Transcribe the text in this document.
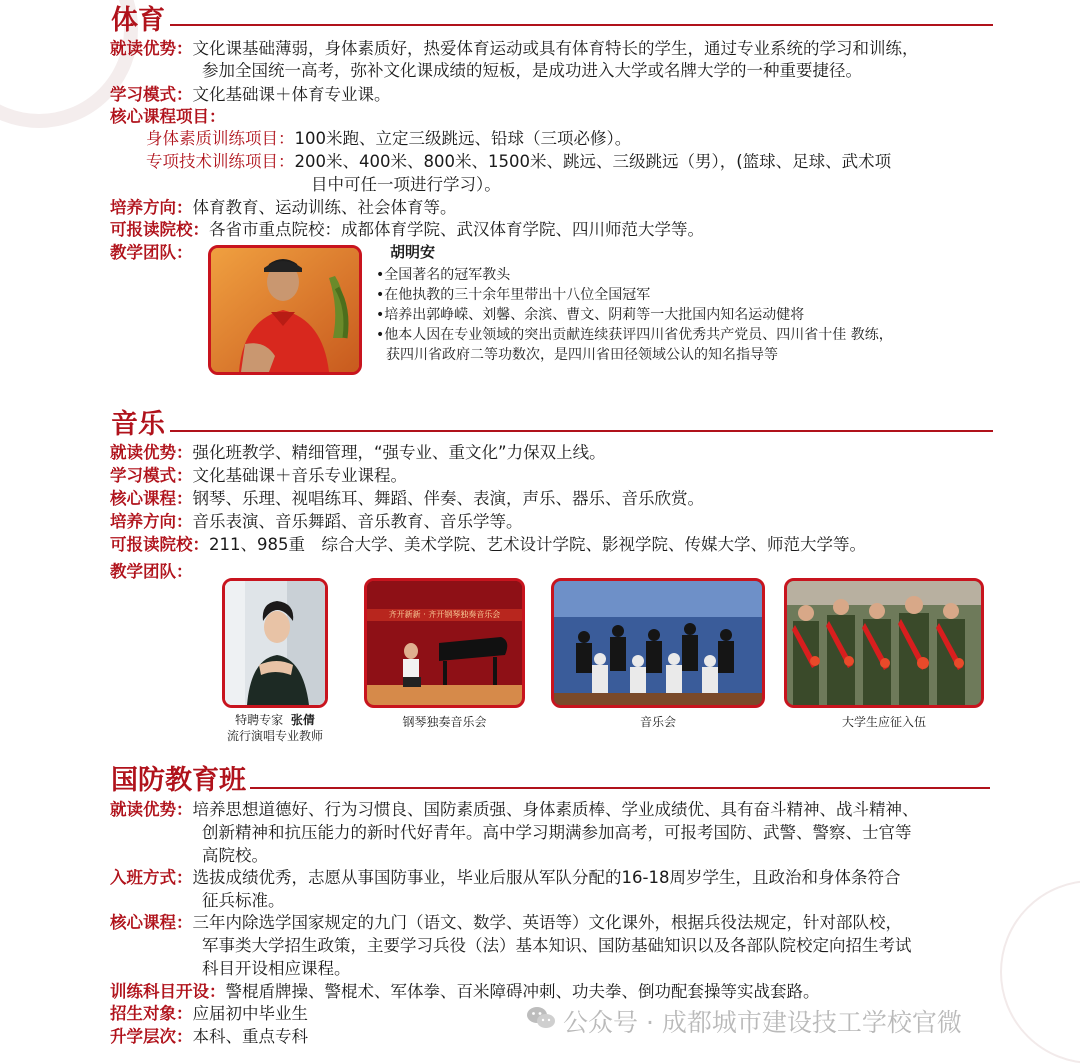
体育
就读优势：文化课基础薄弱，身体素质好，热爱体育运动或具有体育特长的学生，通过专业系统的学习和训练，
参加全国统一高考，弥补文化课成绩的短板，是成功进入大学或名牌大学的一种重要捷径。
学习模式：文化基础课＋体育专业课。
核心课程项目：
身体素质训练项目：100米跑、立定三级跳远、铅球（三项必修）。
专项技术训练项目：200米、400米、800米、1500米、跳远、三级跳远（男），(篮球、足球、武术项
目中可任一项进行学习）。
培养方向：体育教育、运动训练、社会体育等。
可报读院校：各省市重点院校：成都体育学院、武汉体育学院、四川师范大学等。
教学团队：	胡明安
•全国著名的冠军教头
•在他执教的三十余年里带出十八位全国冠军
•培养出郭峥嵘、刘馨、余滨、曹文、阴莉等一大批国内知名运动健将
•他本人因在专业领域的突出贡献连续获评四川省优秀共产党员、四川省十佳 教练，
获四川省政府二等功数次，是四川省田径领域公认的知名指导等
音乐
就读优势：强化班教学、精细管理，“强专业、重文化”力保双上线。
学习模式：文化基础课＋音乐专业课程。
核心课程：钢琴、乐理、视唱练耳、舞蹈、伴奏、表演，声乐、器乐、音乐欣赏。
培养方向：音乐表演、音乐舞蹈、音乐教育、音乐学等。
可报读院校：211、985重　综合大学、美术学院、艺术设计学院、影视学院、传媒大学、师范大学等。
教学团队：
齐开新新 · 齐开钢琴独奏音乐会
特聘专家 张倩
流行演唱专业教师
钢琴独奏音乐会	音乐会	大学生应征入伍
国防教育班
就读优势：培养思想道德好、行为习惯良、国防素质强、身体素质棒、学业成绩优、具有奋斗精神、战斗精神、
创新精神和抗压能力的新时代好青年。高中学习期满参加高考，可报考国防、武警、警察、士官等
高院校。
入班方式：选拔成绩优秀，志愿从事国防事业，毕业后服从军队分配的16-18周岁学生，且政治和身体条符合
征兵标准。
核心课程：三年内除选学国家规定的九门（语文、数学、英语等）文化课外，根据兵役法规定，针对部队校，
军事类大学招生政策，主要学习兵役（法）基本知识、国防基础知识以及各部队院校定向招生考试
科目开设相应课程。
训练科目开设：警棍盾牌操、警棍术、军体拳、百米障碍冲刺、功夫拳、倒功配套操等实战套路。
招生对象：应届初中毕业生
升学层次：本科、重点专科	公众号 · 成都城市建设技工学校官微
